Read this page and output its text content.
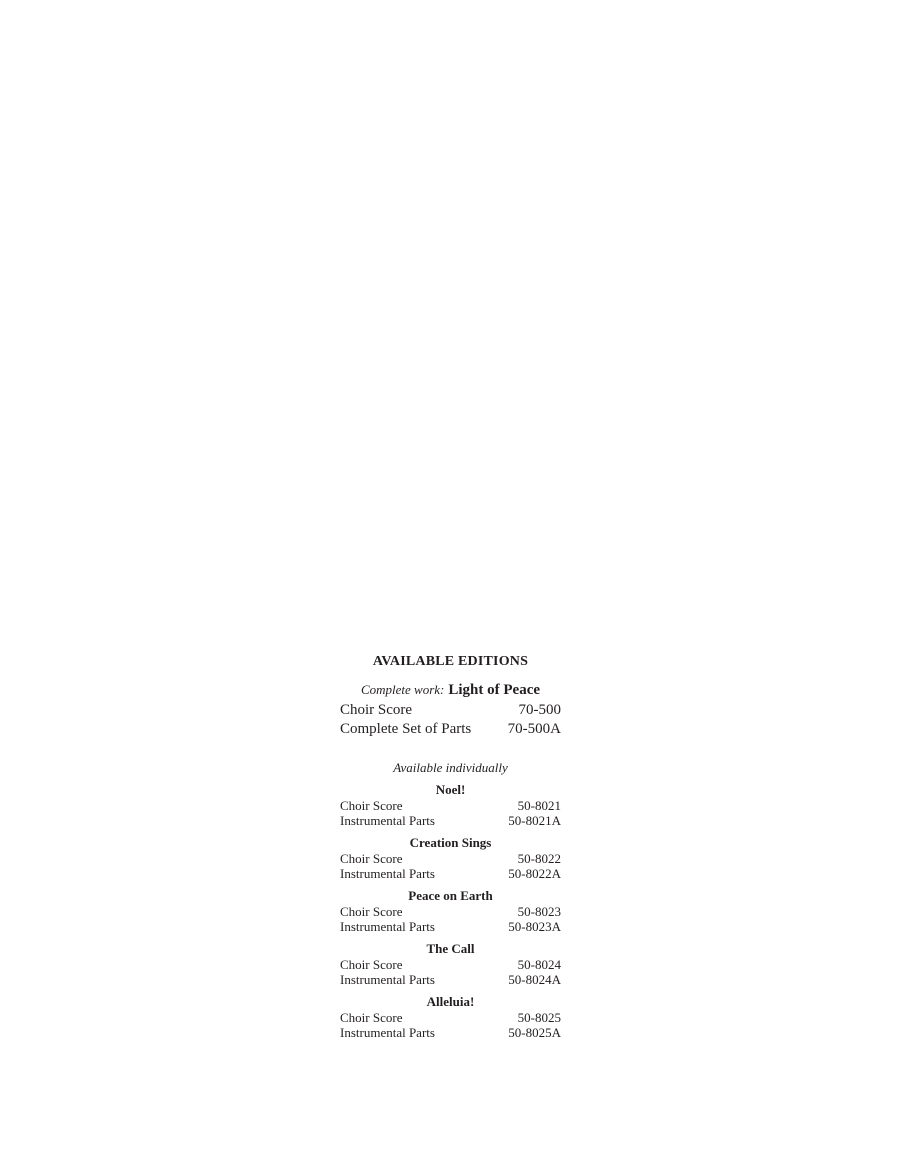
AVAILABLE EDITIONS
Complete work: Light of Peace
Choir Score	70-500
Complete Set of Parts 70-500A
Available individually
Noel!
Choir Score	50-8021
Instrumental Parts	50-8021A
Creation Sings
Choir Score	50-8022
Instrumental Parts	50-8022A
Peace on Earth
Choir Score	50-8023
Instrumental Parts	50-8023A
The Call
Choir Score	50-8024
Instrumental Parts	50-8024A
Alleluia!
Choir Score	50-8025
Instrumental Parts	50-8025A
